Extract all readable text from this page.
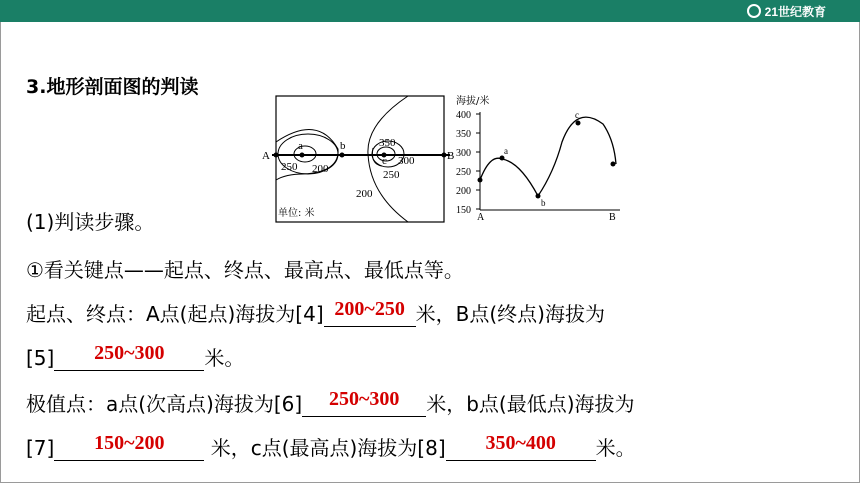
21世纪教育
3.地形剖面图的判读
A
a	b
c	B
250 200
350
300
250
200
单位: 米
海拔/米
400
350
300
250
200
150
A	B
a
b
c
(1)判读步骤。
①看关键点——起点、终点、最高点、最低点等。
起点、终点：A点(起点)海拔为[4] 200~250 米，B点(终点)海拔为
[5]	250~300	米。
极值点：a点(次高点)海拔为[6]	250~300	米，b点(最低点)海拔为
[7]	150~200	米，c点(最高点)海拔为[8]	350~400	米。
